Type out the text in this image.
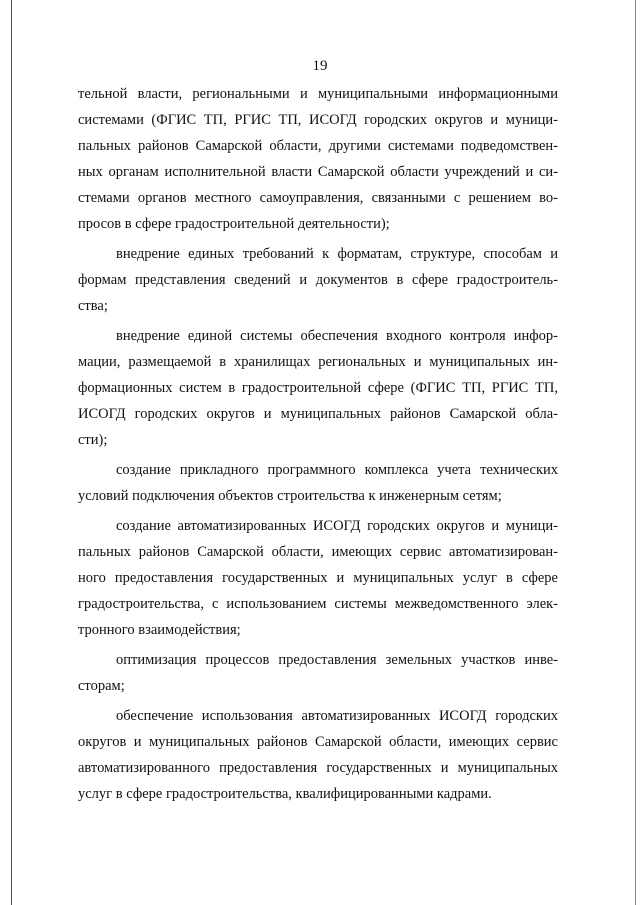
19
тельной власти, региональными и муниципальными информационными
системами (ФГИС ТП, РГИС ТП, ИСОГД городских округов и муници-
пальных районов Самарской области, другими системами подведомствен-
ных органам исполнительной власти Самарской области учреждений и си-
стемами органов местного самоуправления, связанными с решением во-
просов в сфере градостроительной деятельности);
внедрение единых требований к форматам, структуре, способам и
формам представления сведений и документов в сфере градостроитель-
ства;
внедрение единой системы обеспечения входного контроля инфор-
мации, размещаемой в хранилищах региональных и муниципальных ин-
формационных систем в градостроительной сфере (ФГИС ТП, РГИС ТП,
ИСОГД городских округов и муниципальных районов Самарской обла-
сти);
создание прикладного программного комплекса учета технических
условий подключения объектов строительства к инженерным сетям;
создание автоматизированных ИСОГД городских округов и муници-
пальных районов Самарской области, имеющих сервис автоматизирован-
ного предоставления государственных и муниципальных услуг в сфере
градостроительства, с использованием системы межведомственного элек-
тронного взаимодействия;
оптимизация процессов предоставления земельных участков инве-
сторам;
обеспечение использования автоматизированных ИСОГД городских
округов и муниципальных районов Самарской области, имеющих сервис
автоматизированного предоставления государственных и муниципальных
услуг в сфере градостроительства, квалифицированными кадрами.
